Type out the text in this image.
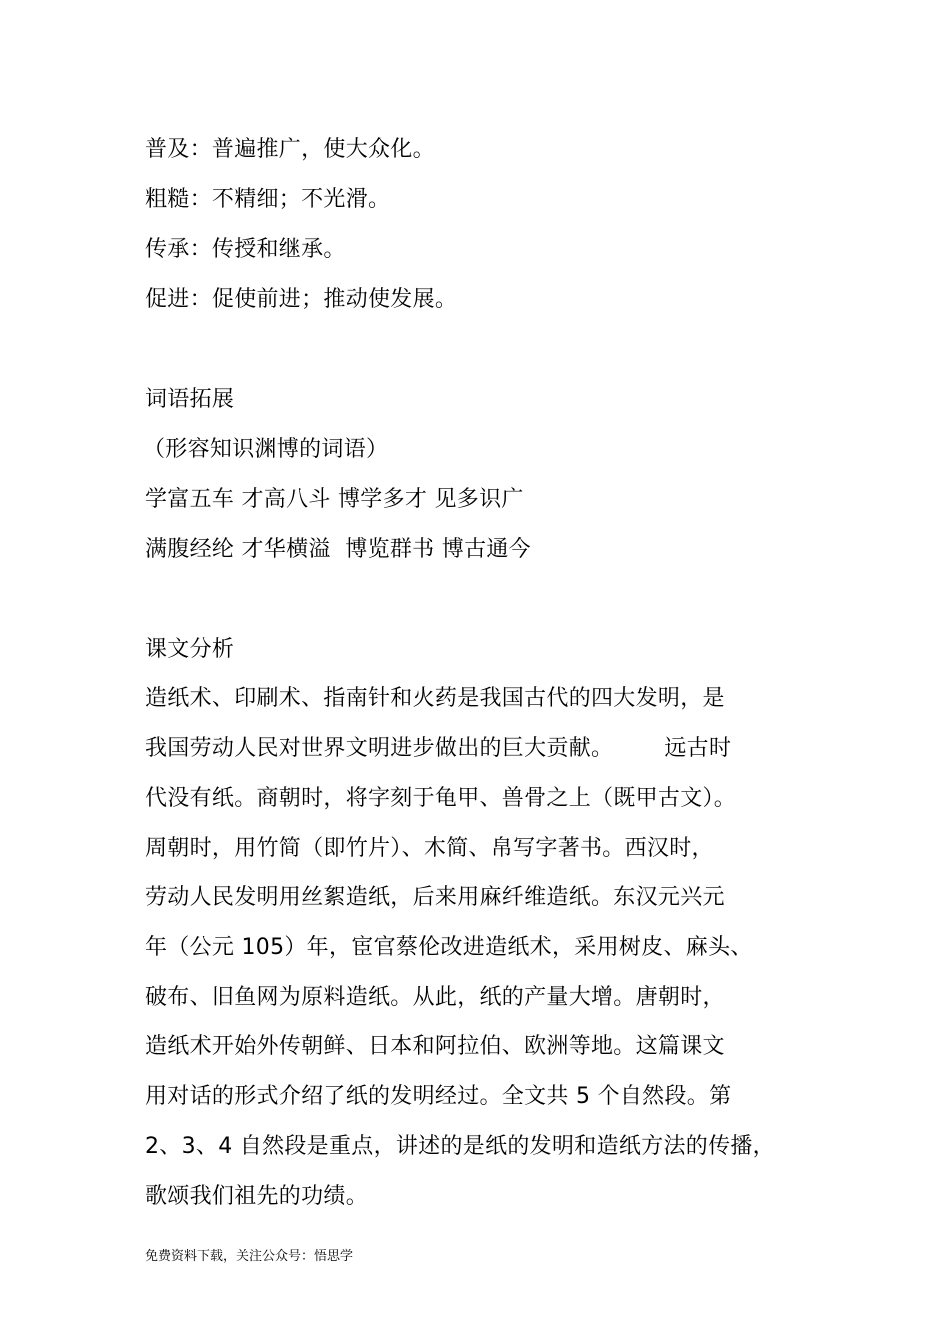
普及：普遍推广，使大众化。
粗糙：不精细；不光滑。
传承：传授和继承。
促进：促使前进；推动使发展。
词语拓展
（形容知识渊博的词语）
学富五车 才高八斗 博学多才 见多识广
满腹经纶 才华横溢  博览群书 博古通今
课文分析
造纸术、印刷术、指南针和火药是我国古代的四大发明，是
我国劳动人民对世界文明进步做出的巨大贡献。       远古时
代没有纸。商朝时，将字刻于龟甲、兽骨之上（既甲古文）。
周朝时，用竹简（即竹片）、木简、帛写字著书。西汉时，
劳动人民发明用丝絮造纸，后来用麻纤维造纸。东汉元兴元
年（公元 105）年，宦官蔡伦改进造纸术，采用树皮、麻头、
破布、旧鱼网为原料造纸。从此，纸的产量大增。唐朝时，
造纸术开始外传朝鲜、日本和阿拉伯、欧洲等地。这篇课文
用对话的形式介绍了纸的发明经过。全文共 5 个自然段。第
2、3、4 自然段是重点，讲述的是纸的发明和造纸方法的传播，
歌颂我们祖先的功绩。
免费资料下载，关注公众号：悟思学
